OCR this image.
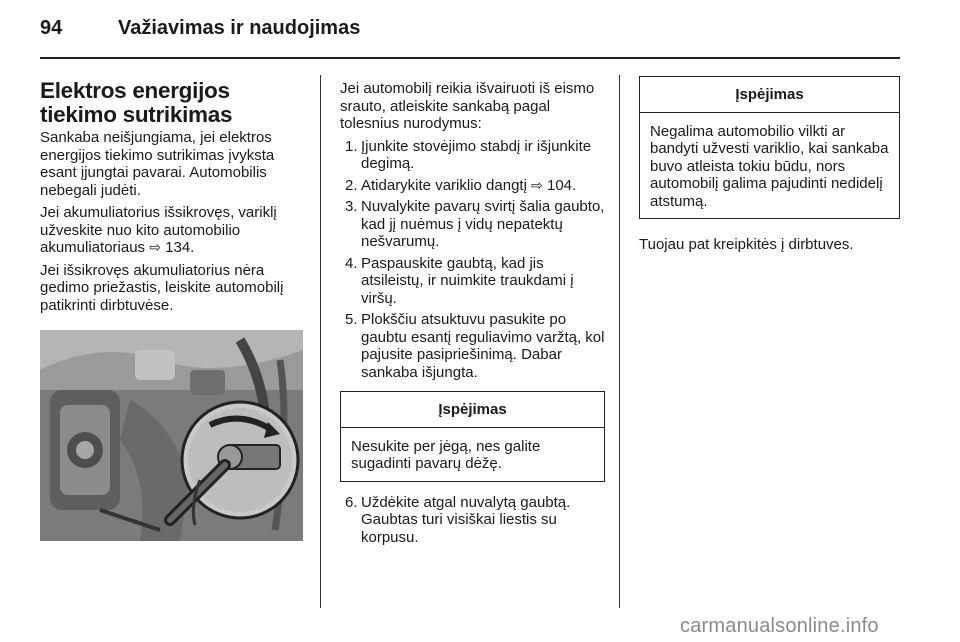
94	Važiavimas ir naudojimas
Elektros energijos tiekimo sutrikimas

Sankaba neišjungiama, jei elektros energijos tiekimo sutrikimas įvyksta esant įjungtai pavarai. Automobilis nebegali judėti.

Jei akumuliatorius išsikrovęs, variklį užveskite nuo kito automobilio akumuliatoriaus ⇨ 134.

Jei išsikrovęs akumuliatorius nėra gedimo priežastis, leiskite automobilį patikrinti dirbtuvėse.

Jei automobilį reikia išvairuoti iš eismo srauto, atleiskite sankabą pagal tolesnius nurodymus:

1. Įjunkite stovėjimo stabdį ir išjunkite degimą.
2. Atidarykite variklio dangtį ⇨ 104.
3. Nuvalykite pavarų svirtį šalia gaubto, kad jį nuėmus į vidų nepatektų nešvarumų.
4. Paspauskite gaubtą, kad jis atsileistų, ir nuimkite traukdami į viršų.
5. Plokščiu atsuktuvu pasukite po gaubtu esantį reguliavimo varžtą, kol pajusite pasipriešinimą. Dabar sankaba išjungta.
Įspėjimas
Nesukite per jėgą, nes galite sugadinti pavarų dėžę.
6. Uždėkite atgal nuvalytą gaubtą. Gaubtas turi visiškai liestis su korpusu.
Įspėjimas
Negalima automobilio vilkti ar bandyti užvesti variklio, kai sankaba buvo atleista tokiu būdu, nors automobilį galima pajudinti nedidelį atstumą.

Tuojau pat kreipkitės į dirbtuves.

carmanualsonline.info
